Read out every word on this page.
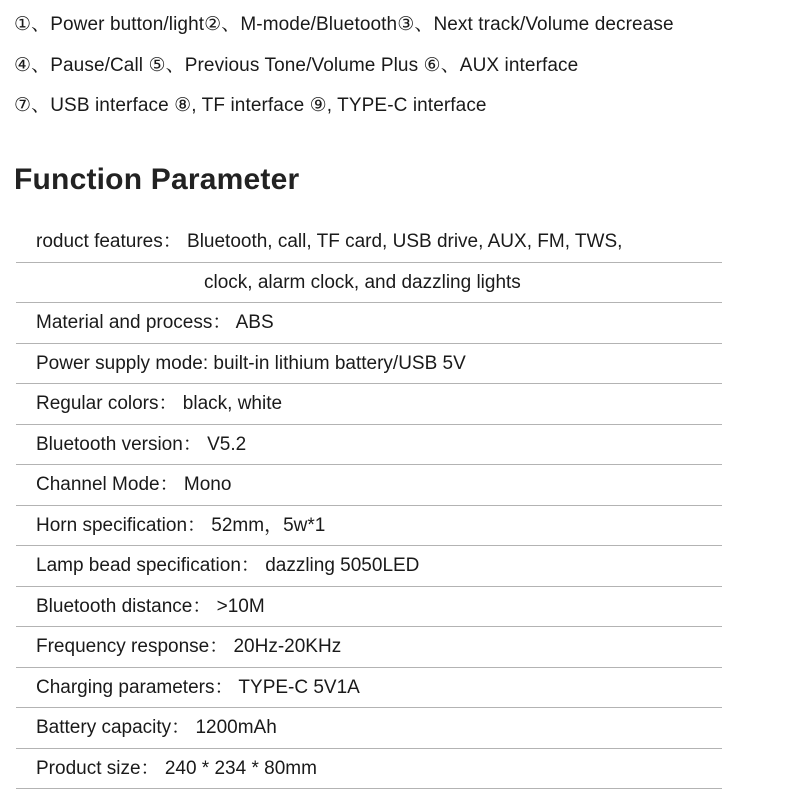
①、Power button/light②、M-mode/Bluetooth③、Next track/Volume decrease
④、Pause/Call ⑤、Previous Tone/Volume Plus ⑥、AUX interface
⑦、USB interface ⑧, TF interface ⑨, TYPE-C interface
Function Parameter
roduct features： Bluetooth, call, TF card, USB drive, AUX, FM, TWS,
clock, alarm clock, and dazzling lights
Material and process： ABS
Power supply mode: built-in lithium battery/USB 5V
Regular colors： black, white
Bluetooth version： V5.2
Channel Mode： Mono
Horn specification： 52mm，5w*1
Lamp bead specification： dazzling 5050LED
Bluetooth distance： >10M
Frequency response： 20Hz-20KHz
Charging parameters： TYPE-C 5V1A
Battery capacity： 1200mAh
Product size： 240 * 234 * 80mm
